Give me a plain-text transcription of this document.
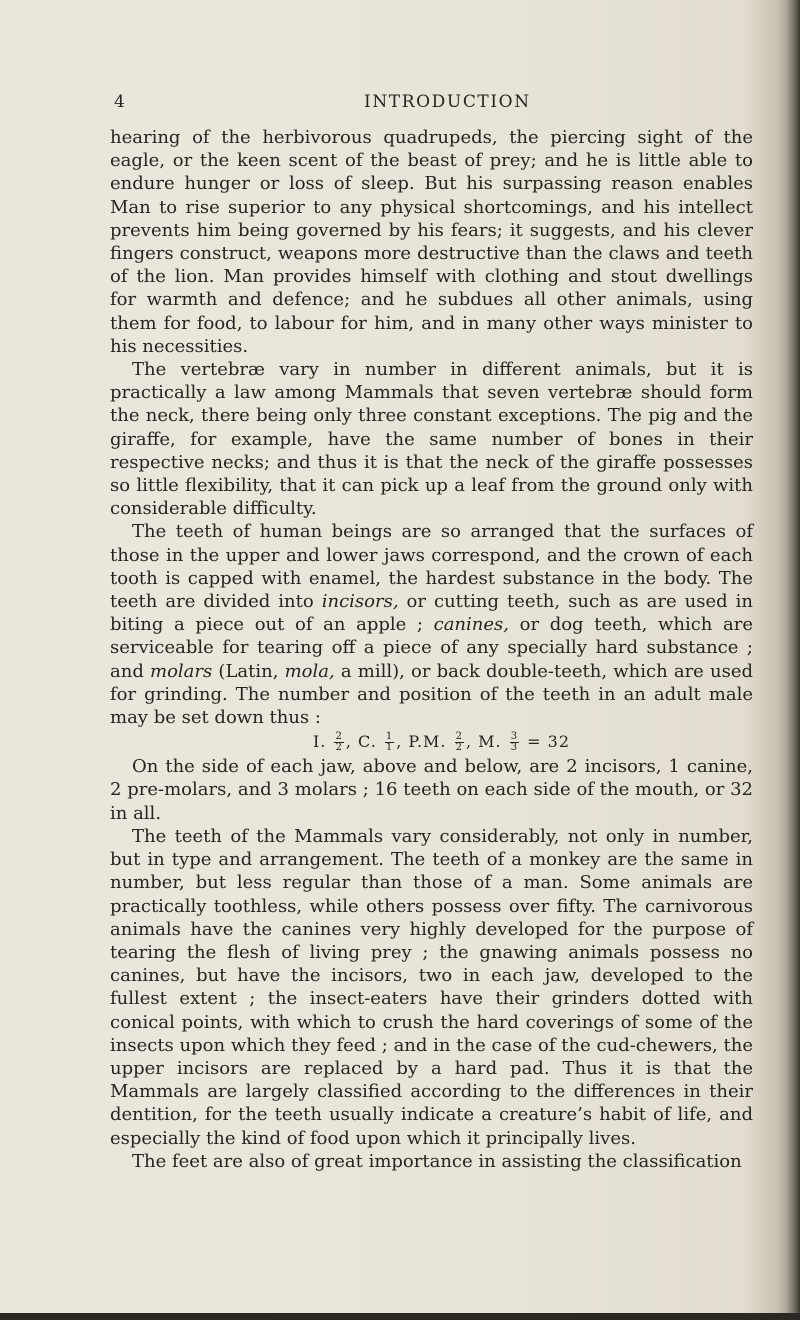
4	INTRODUCTION

hearing of the herbivorous quadrupeds, the piercing sight of the eagle, or the keen scent of the beast of prey; and he is little able to endure hunger or loss of sleep. But his surpassing reason enables Man to rise superior to any physical shortcomings, and his intellect prevents him being governed by his fears; it suggests, and his clever fingers construct, weapons more destructive than the claws and teeth of the lion. Man provides himself with clothing and stout dwellings for warmth and defence; and he subdues all other animals, using them for food, to labour for him, and in many other ways minister to his necessities.

The vertebræ vary in number in different animals, but it is practically a law among Mammals that seven vertebræ should form the neck, there being only three constant exceptions. The pig and the giraffe, for example, have the same number of bones in their respective necks; and thus it is that the neck of the giraffe possesses so little flexibility, that it can pick up a leaf from the ground only with considerable difficulty.

The teeth of human beings are so arranged that the surfaces of those in the upper and lower jaws correspond, and the crown of each tooth is capped with enamel, the hardest substance in the body. The teeth are divided into incisors, or cutting teeth, such as are used in biting a piece out of an apple ; canines, or dog teeth, which are serviceable for tearing off a piece of any specially hard substance ; and molars (Latin, mola, a mill), or back double-teeth, which are used for grinding. The number and position of the teeth in an adult male may be set down thus :

I. $\frac{2}{2}$ , C. $\frac{1}{1}$ , P.M. $\frac{2}{2}$ , M. $\frac{3}{3} = 32$

On the side of each jaw, above and below, are 2 incisors, 1 canine, 2 pre-molars, and 3 molars ; 16 teeth on each side of the mouth, or 32 in all.

The teeth of the Mammals vary considerably, not only in number, but in type and arrangement. The teeth of a monkey are the same in number, but less regular than those of a man. Some animals are practically toothless, while others possess over fifty. The carnivorous animals have the canines very highly developed for the purpose of tearing the flesh of living prey ; the gnawing animals possess no canines, but have the incisors, two in each jaw, developed to the fullest extent ; the insect-eaters have their grinders dotted with conical points, with which to crush the hard coverings of some of the insects upon which they feed ; and in the case of the cud-chewers, the upper incisors are replaced by a hard pad. Thus it is that the Mammals are largely classified according to the differences in their dentition, for the teeth usually indicate a creature’s habit of life, and especially the kind of food upon which it principally lives.

The feet are also of great importance in assisting the classification
